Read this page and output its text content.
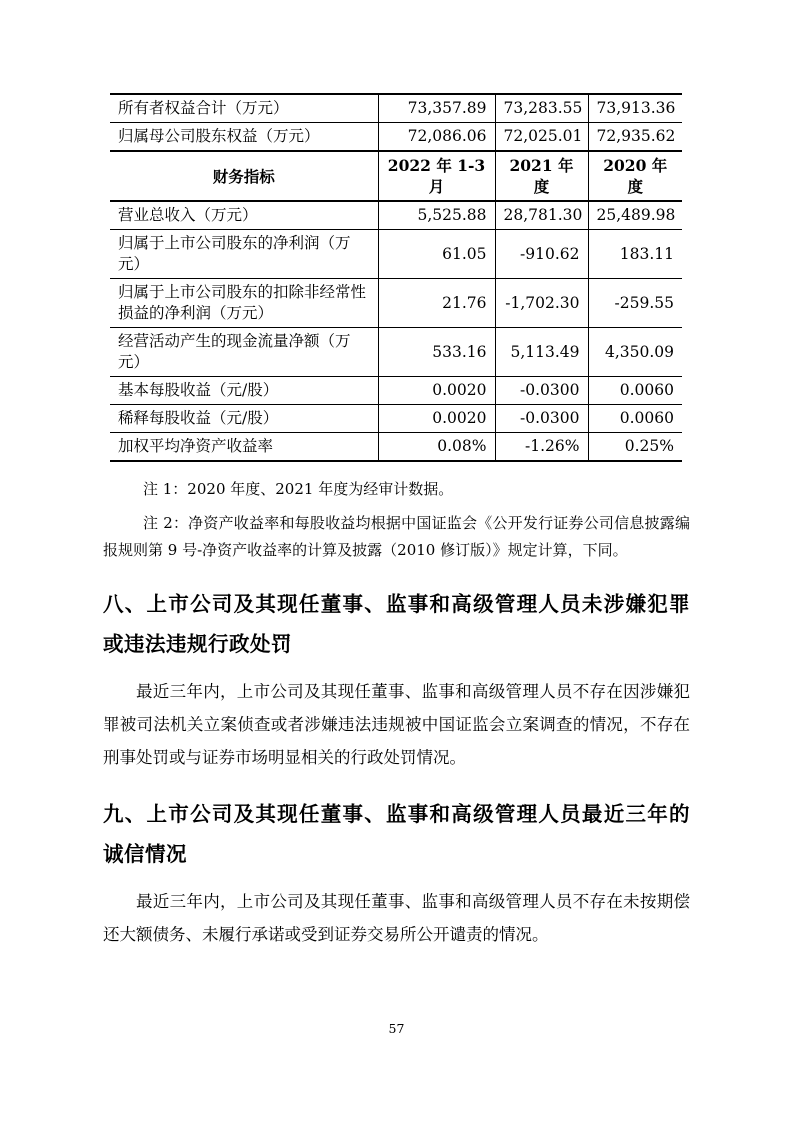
所有者权益合计（万元）	73,357.89	73,283.55	73,913.36
归属母公司股东权益（万元）	72,086.06	72,025.01	72,935.62
财务指标	2022 年 1-3 月	2021 年度	2020 年度
营业总收入（万元）	5,525.88	28,781.30	25,489.98
归属于上市公司股东的净利润（万元）	61.05	-910.62	183.11
归属于上市公司股东的扣除非经常性损益的净利润（万元）	21.76	-1,702.30	-259.55
经营活动产生的现金流量净额（万元）	533.16	5,113.49	4,350.09
基本每股收益（元/股）	0.0020	-0.0300	0.0060
稀释每股收益（元/股）	0.0020	-0.0300	0.0060
加权平均净资产收益率	0.08%	-1.26%	0.25%

注 1：2020 年度、2021 年度为经审计数据。

注 2：净资产收益率和每股收益均根据中国证监会《公开发行证券公司信息披露编报规则第 9 号-净资产收益率的计算及披露（2010 修订版）》规定计算，下同。

八、上市公司及其现任董事、监事和高级管理人员未涉嫌犯罪或违法违规行政处罚

最近三年内，上市公司及其现任董事、监事和高级管理人员不存在因涉嫌犯罪被司法机关立案侦查或者涉嫌违法违规被中国证监会立案调查的情况，不存在刑事处罚或与证券市场明显相关的行政处罚情况。

九、上市公司及其现任董事、监事和高级管理人员最近三年的诚信情况

最近三年内，上市公司及其现任董事、监事和高级管理人员不存在未按期偿还大额债务、未履行承诺或受到证券交易所公开谴责的情况。

57
